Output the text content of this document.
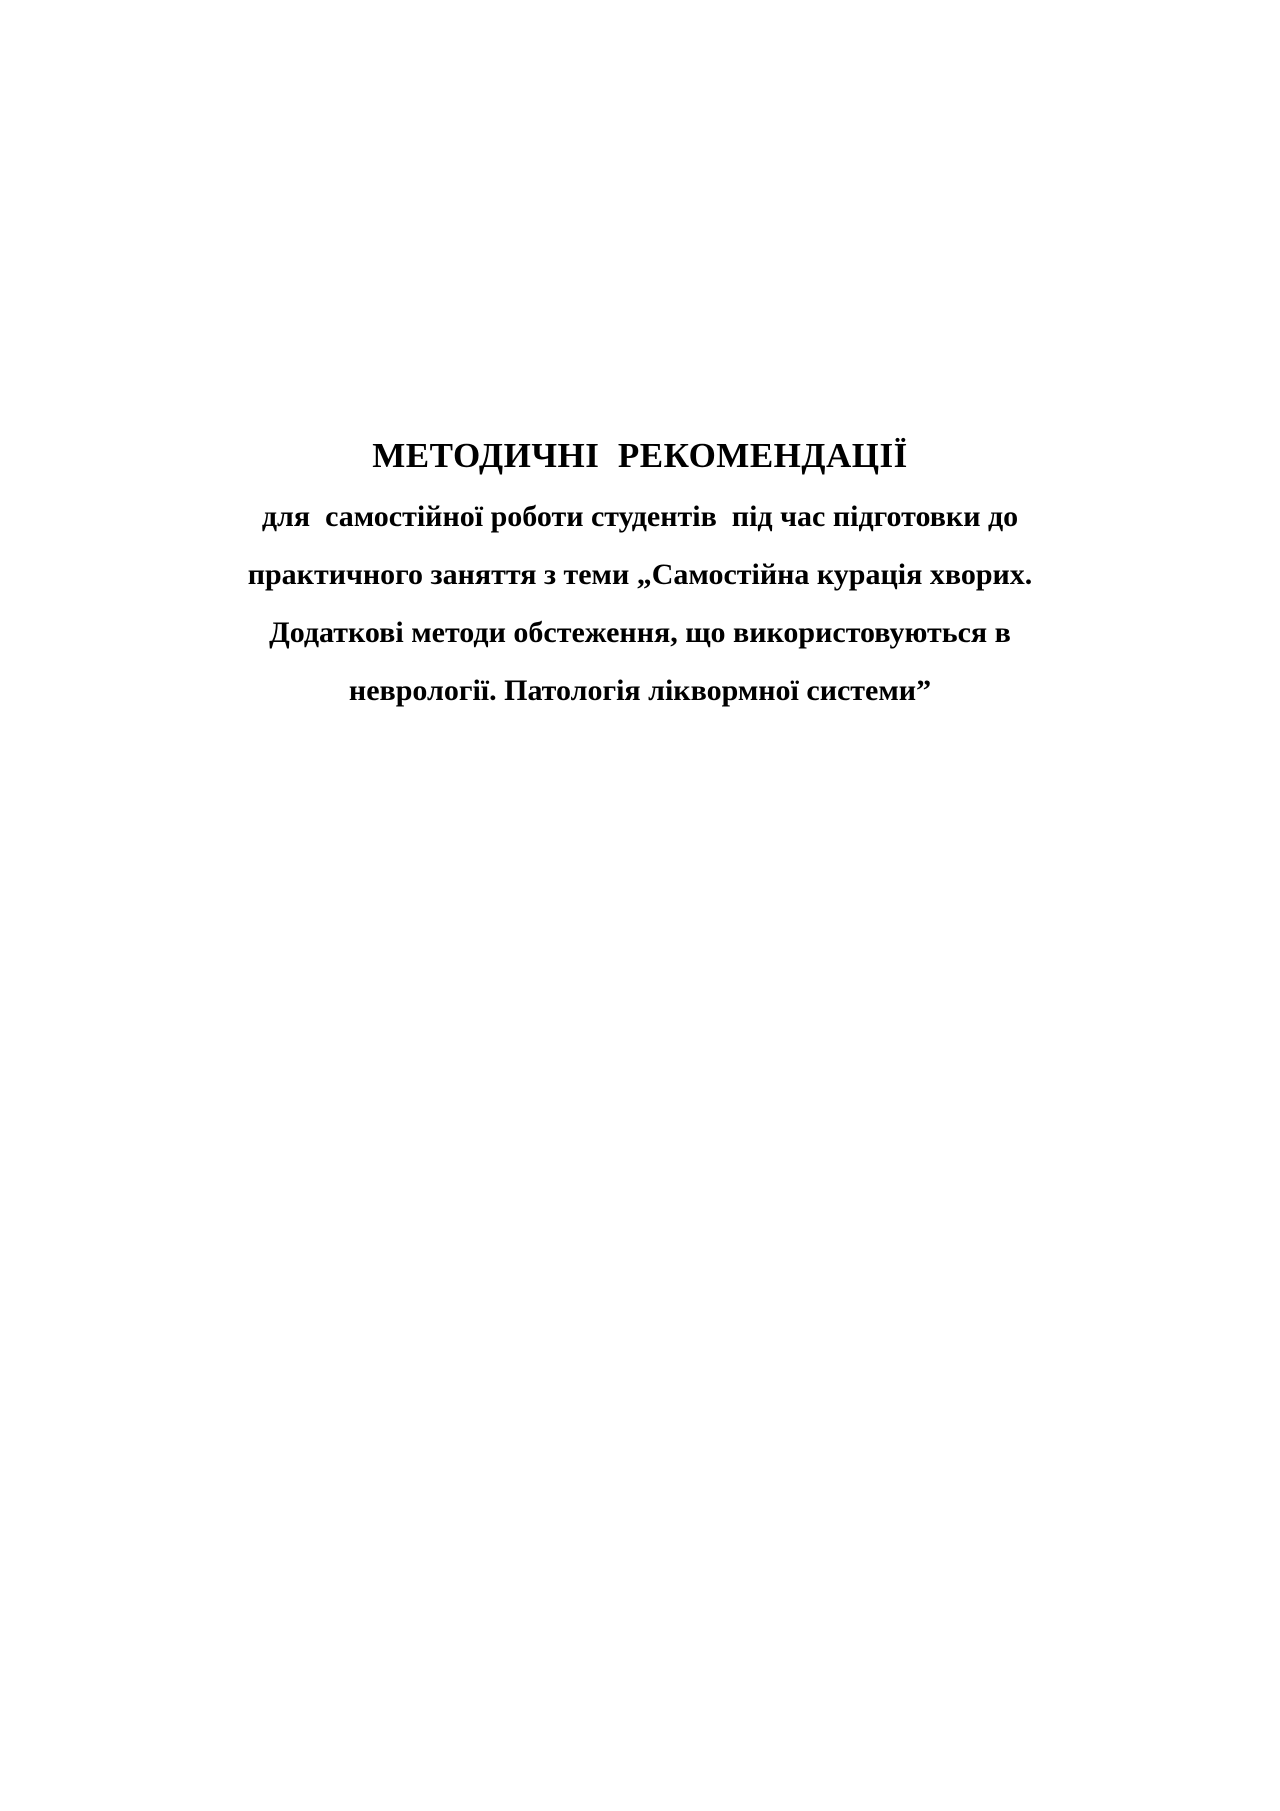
МЕТОДИЧНІ  РЕКОМЕНДАЦІЇ
для  самостійної роботи студентів  під час підготовки до
практичного заняття з теми „Самостійна курація хворих.
Додаткові методи обстеження, що використовуються в
неврології. Патологія ліквормної системи”
